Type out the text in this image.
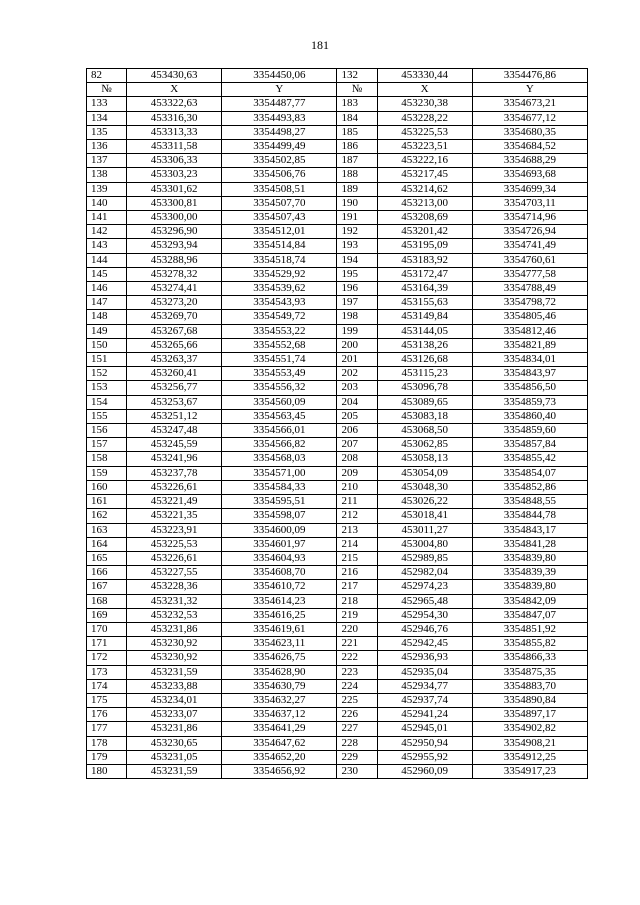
181
82	453430,63	3354450,06	132	453330,44	3354476,86
№	X	Y	№	X	Y
133	453322,63	3354487,77	183	453230,38	3354673,21
134	453316,30	3354493,83	184	453228,22	3354677,12
135	453313,33	3354498,27	185	453225,53	3354680,35
136	453311,58	3354499,49	186	453223,51	3354684,52
137	453306,33	3354502,85	187	453222,16	3354688,29
138	453303,23	3354506,76	188	453217,45	3354693,68
139	453301,62	3354508,51	189	453214,62	3354699,34
140	453300,81	3354507,70	190	453213,00	3354703,11
141	453300,00	3354507,43	191	453208,69	3354714,96
142	453296,90	3354512,01	192	453201,42	3354726,94
143	453293,94	3354514,84	193	453195,09	3354741,49
144	453288,96	3354518,74	194	453183,92	3354760,61
145	453278,32	3354529,92	195	453172,47	3354777,58
146	453274,41	3354539,62	196	453164,39	3354788,49
147	453273,20	3354543,93	197	453155,63	3354798,72
148	453269,70	3354549,72	198	453149,84	3354805,46
149	453267,68	3354553,22	199	453144,05	3354812,46
150	453265,66	3354552,68	200	453138,26	3354821,89
151	453263,37	3354551,74	201	453126,68	3354834,01
152	453260,41	3354553,49	202	453115,23	3354843,97
153	453256,77	3354556,32	203	453096,78	3354856,50
154	453253,67	3354560,09	204	453089,65	3354859,73
155	453251,12	3354563,45	205	453083,18	3354860,40
156	453247,48	3354566,01	206	453068,50	3354859,60
157	453245,59	3354566,82	207	453062,85	3354857,84
158	453241,96	3354568,03	208	453058,13	3354855,42
159	453237,78	3354571,00	209	453054,09	3354854,07
160	453226,61	3354584,33	210	453048,30	3354852,86
161	453221,49	3354595,51	211	453026,22	3354848,55
162	453221,35	3354598,07	212	453018,41	3354844,78
163	453223,91	3354600,09	213	453011,27	3354843,17
164	453225,53	3354601,97	214	453004,80	3354841,28
165	453226,61	3354604,93	215	452989,85	3354839,80
166	453227,55	3354608,70	216	452982,04	3354839,39
167	453228,36	3354610,72	217	452974,23	3354839,80
168	453231,32	3354614,23	218	452965,48	3354842,09
169	453232,53	3354616,25	219	452954,30	3354847,07
170	453231,86	3354619,61	220	452946,76	3354851,92
171	453230,92	3354623,11	221	452942,45	3354855,82
172	453230,92	3354626,75	222	452936,93	3354866,33
173	453231,59	3354628,90	223	452935,04	3354875,35
174	453233,88	3354630,79	224	452934,77	3354883,70
175	453234,01	3354632,27	225	452937,74	3354890,84
176	453233,07	3354637,12	226	452941,24	3354897,17
177	453231,86	3354641,29	227	452945,01	3354902,82
178	453230,65	3354647,62	228	452950,94	3354908,21
179	453231,05	3354652,20	229	452955,92	3354912,25
180	453231,59	3354656,92	230	452960,09	3354917,23
